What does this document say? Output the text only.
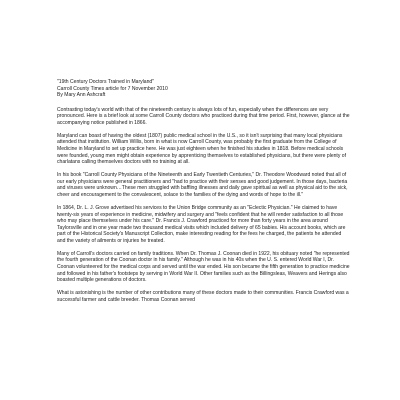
"19th Century Doctors Trained in Maryland"
Carroll County Times article for 7 November 2010
By Mary Ann Ashcraft

Contrasting today's world with that of the nineteenth century is always lots of fun, especially when the differences are very pronounced. Here is a brief look at some Carroll County doctors who practiced during that time period. First, however, glance at the accompanying notice published in 1866.

Maryland can boast of having the oldest (1807) public medical school in the U.S., so it isn't surprising that many local physicians attended that institution. William Willis, born in what is now Carroll County, was probably the first graduate from the College of Medicine in Maryland to set up practice here. He was just eighteen when he finished his studies in 1818. Before medical schools were founded, young men might obtain experience by apprenticing themselves to established physicians, but there were plenty of charlatans calling themselves doctors with no training at all.

In his book "Carroll County Physicians of the Nineteenth and Early Twentieth Centuries," Dr. Theodore Woodward noted that all of our early physicians were general practitioners and "had to practice with their senses and good judgement. In those days, bacteria and viruses were unknown…These men struggled with baffling illnesses and daily gave spiritual as well as physical aid to the sick, cheer and encouragement to the convalescent, solace to the families of the dying and words of hope to the ill."

In 1864, Dr. L. J. Grove advertised his services to the Union Bridge community as an "Eclectic Physician." He claimed to have twenty-six years of experience in medicine, midwifery and surgery and "feels confident that he will render satisfaction to all those who may place themselves under his care." Dr. Francis J. Crawford practiced for more than forty years in the area around Taylorsville and in one year made two thousand medical visits which included delivery of 65 babies. His account books, which are part of the Historical Society's Manuscript Collection, make interesting reading for the fees he charged, the patients he attended and the variety of ailments or injuries he treated.

Many of Carroll's doctors carried on family traditions. When Dr. Thomas J. Coonan died in 1922, his obituary noted "he represented the fourth generation of the Coonan doctor in his family." Although he was in his 40s when the U. S. entered World War I, Dr. Coonan volunteered for the medical corps and served until the war ended. His son became the fifth generation to practice medicine and followed in his father's footsteps by serving in World War II. Other families such as the Billingsleas, Weavers and Herings also boasted multiple generations of doctors.

What is astonishing is the number of other contributions many of these doctors made to their communities. Francis Crawford was a successful farmer and cattle breeder. Thomas Coonan served
